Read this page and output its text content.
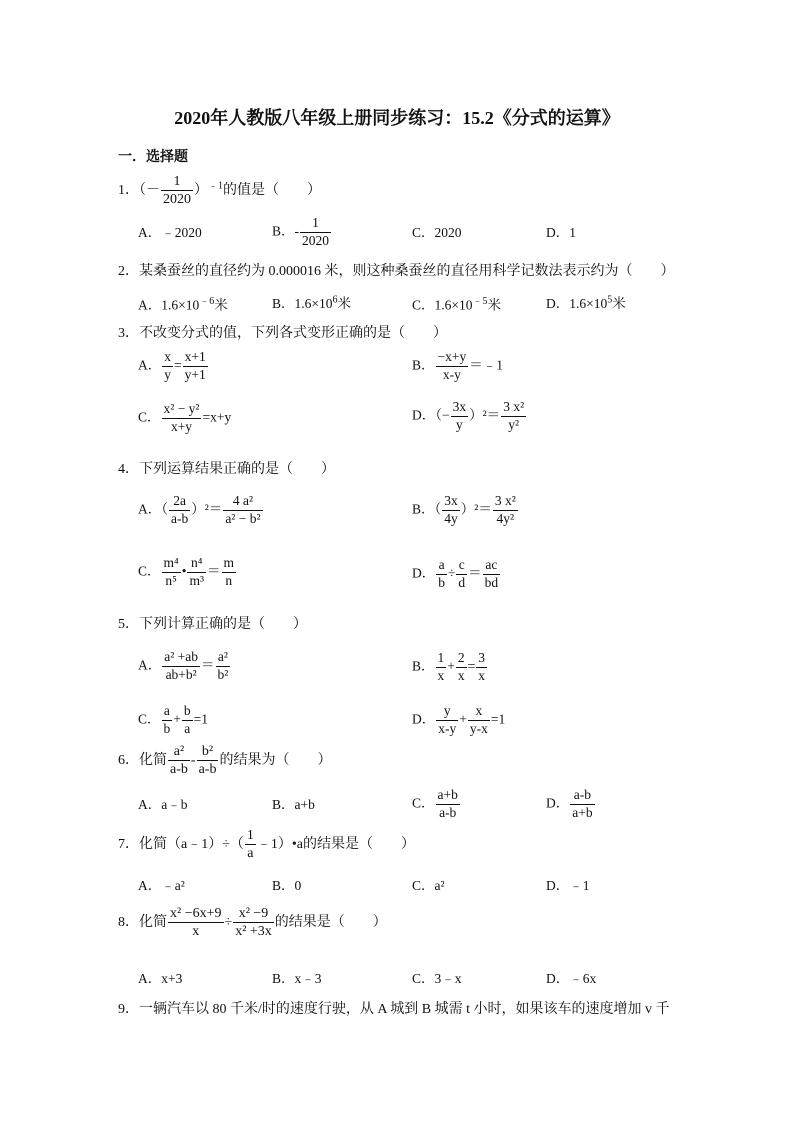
2020年人教版八年级上册同步练习：15.2《分式的运算》
一．选择题
1．（－ $\frac{1}{2020} )^{﹣1}$的值是（　　）
A．﹣2020	B．- $\frac{1}{2020}$	C．2020	D．1
2．某桑蚕丝的直径约为 0.000016 米，则这种桑蚕丝的直径用科学记数法表示约为（　　）
A．$1.6\times 10^{﹣6}$米	B．$1.6\times 10^6$米	C．$1.6\times 10^{﹣5}$米	D．$1.6\times 10^5$米
3．不改变分式的值，下列各式变形正确的是（　　）
A． $\frac{x}{y} = \frac{x+1}{y+1}$	B． $\frac{-x+y}{x-y}$ ＝﹣1
C． $\frac{\text{x² − y²}}{x+y} =x+y$	D．（− $\frac{3x}{y} )^2= \frac{\text{3 x²}}{\text{y²}}$
4．下列运算结果正确的是（　　）
A．（ $\frac{2a}{a-b} )^2= \frac{\text{4 a²}}{\text{a² − b²}}$	B．（ $\frac{3x}{4y} )^2= \frac{\text{3 x²}}{\text{4y²}}$
C． $\frac{\text{m⁴}}{\text{n⁵}}$ • $\frac{\text{n⁴}}{\text{m³}} = \frac{m}{n}$	D． $\frac{a}{b} \div \frac{c}{d} = \frac{ac}{bd}$
5．下列计算正确的是（　　）
A． $\frac{\text{a² +ab}}{\text{ab+b²}} = \frac{\text{a²}}{\text{b²}}$	B． $\frac{1}{x} + \frac{2}{x} = \frac{3}{x}$
C． $\frac{a}{b} + \frac{b}{a} =1$	D． $\frac{y}{x-y} + \frac{x}{y-x} =1$
6．化简 $\frac{\text{a²}}{a-b} - \frac{\text{b²}}{a-b}$ 的结果为（　　）
A．a﹣b	B．a+b	C． $\frac{a+b}{a-b}$	D． $\frac{a-b}{a+b}$
7．化简（a﹣1）÷（ $\frac{1}{a}$ ﹣1）•a的结果是（　　）
A．﹣a²	B．0	C．a²	D．﹣1
8．化简 $\frac{\text{x² −6x+9}}{x} \div \frac{\text{x² −9}}{\text{x² +3x}}$ 的结果是（　　）
A．x+3	B．x﹣3	C．3﹣x	D．﹣6x
9．一辆汽车以 80 千米/时的速度行驶，从 A 城到 B 城需 t 小时，如果该车的速度增加 v 千
